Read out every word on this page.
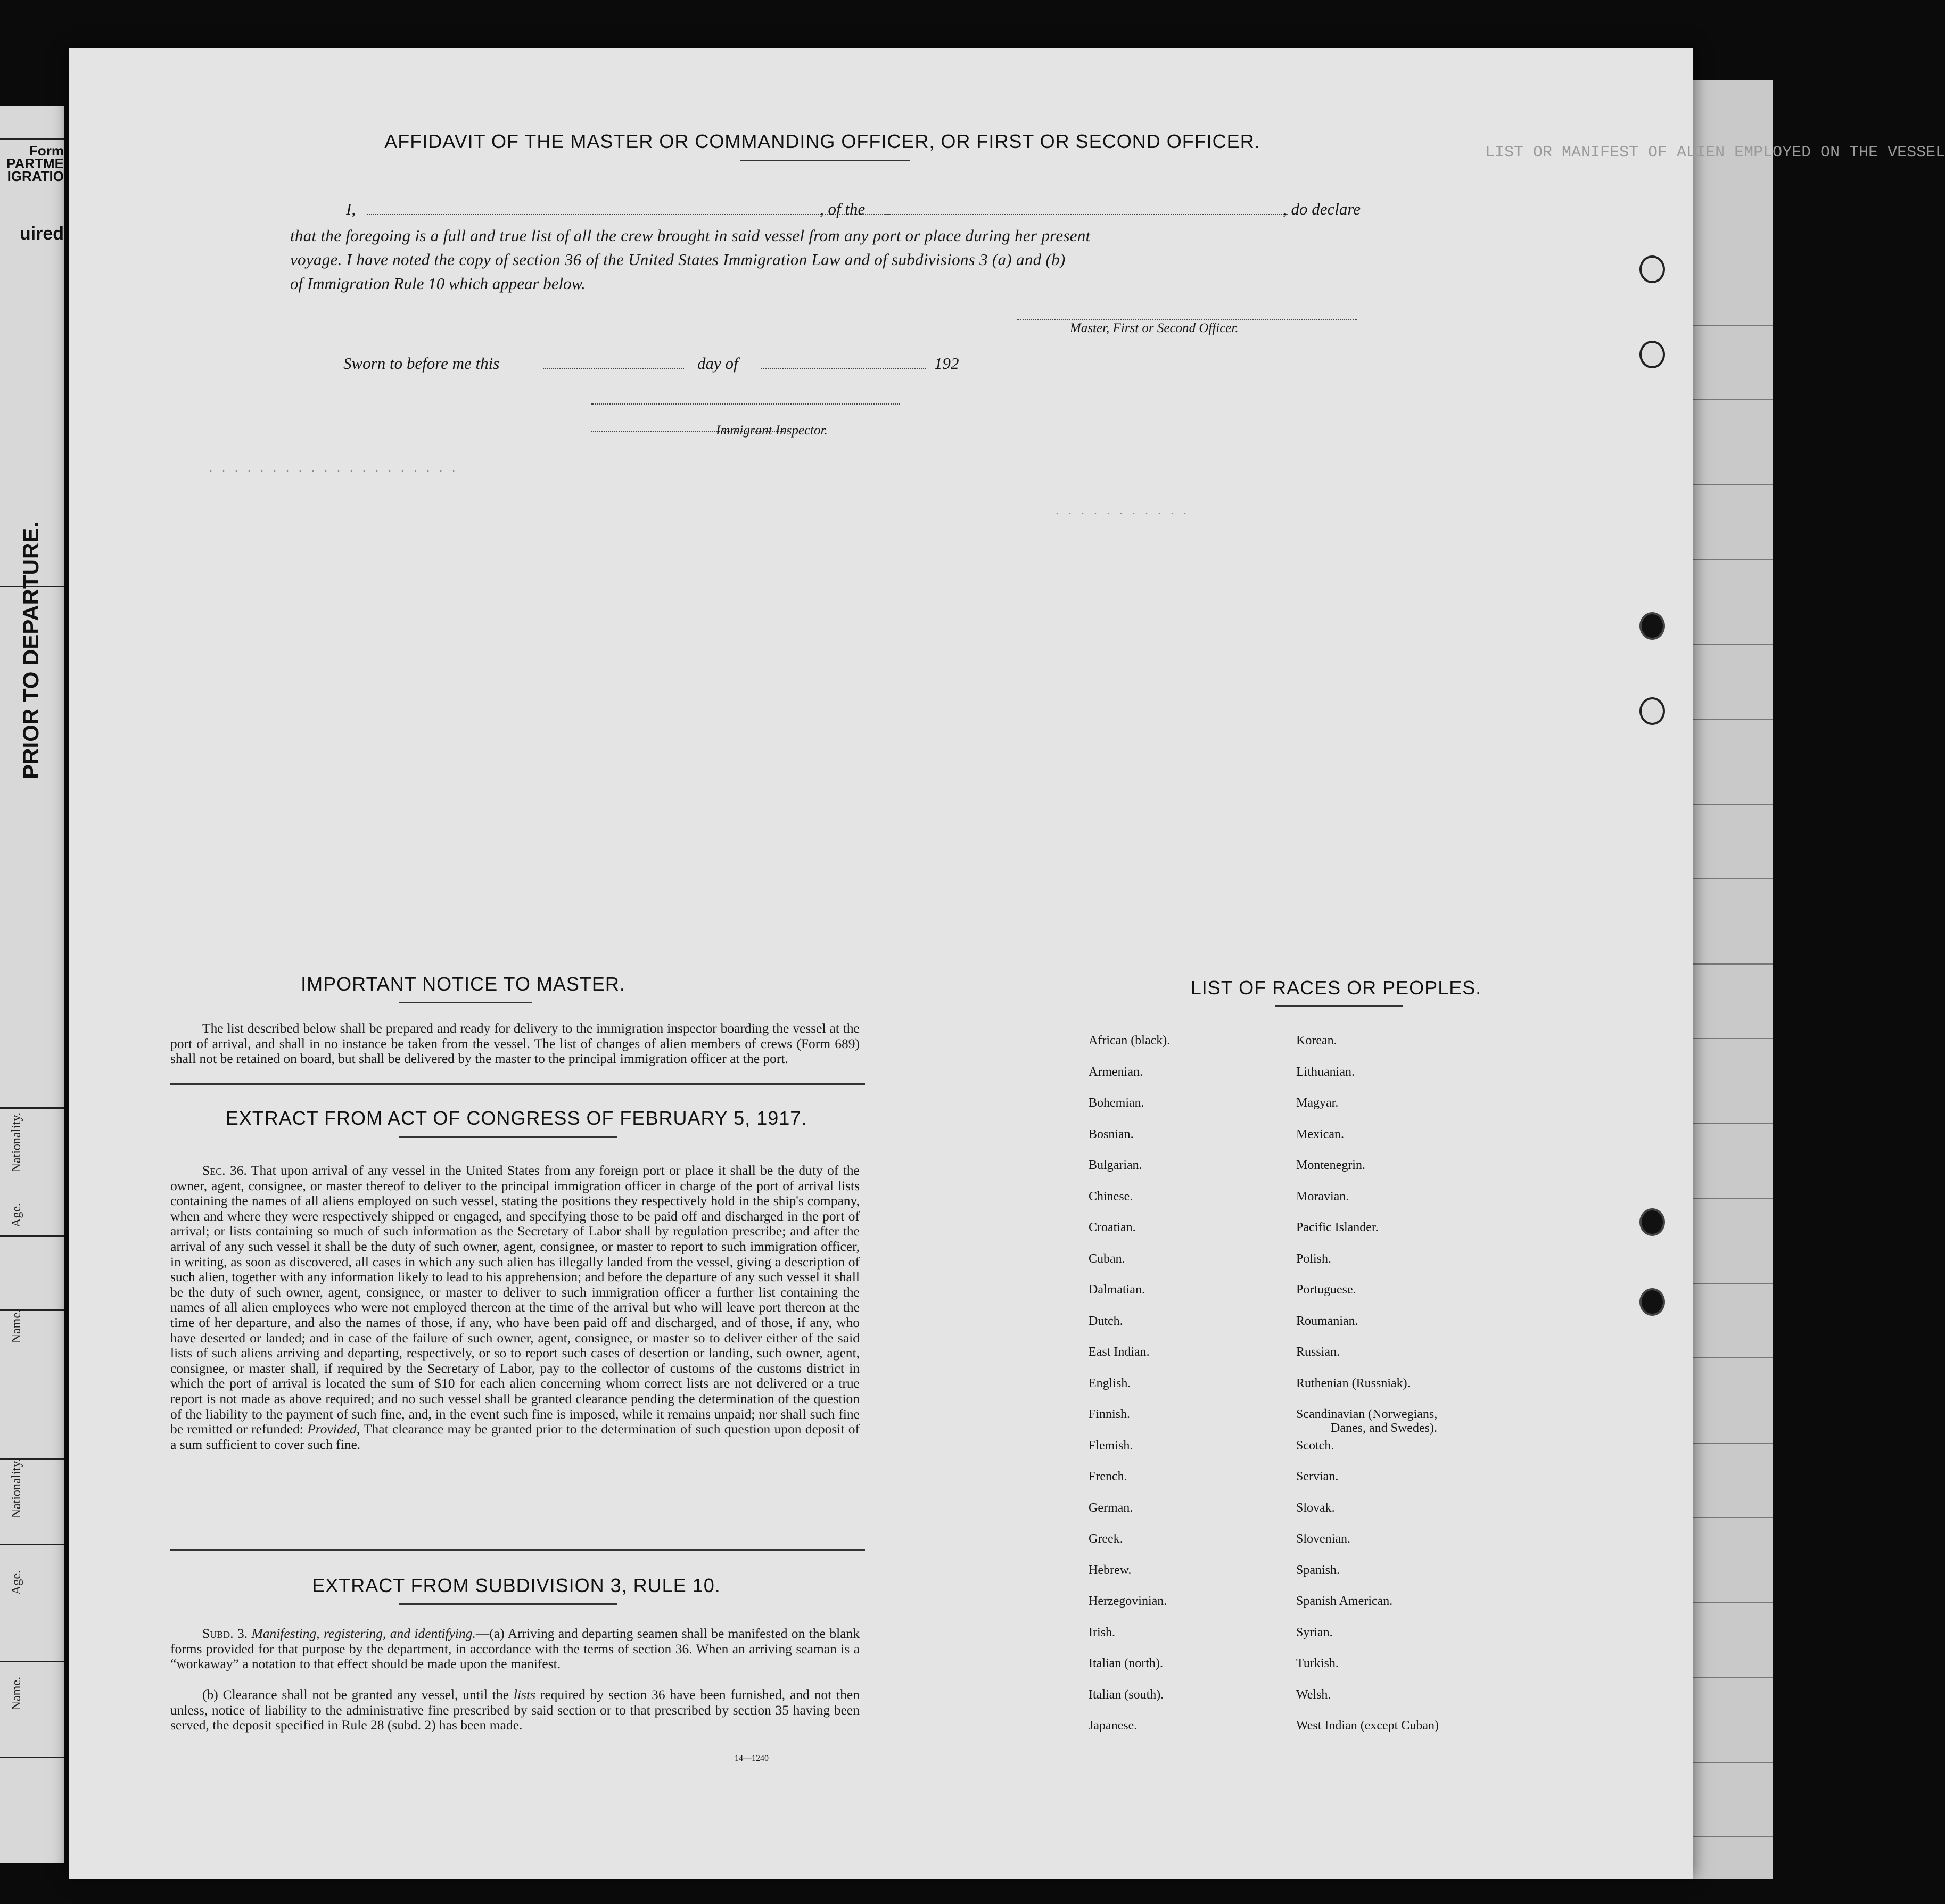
Form
PARTME
IGRATIO
uired
PRIOR TO DEPARTURE.
Nationality.
Age.
Name.
Nationality.
Age.
Name.
LIST OR MANIFEST OF ALIEN EMPLOYED ON THE VESSEL
. . . . . . . . . . . . . . . . . . . .
. . . . . . . . . . .
AFFIDAVIT OF THE MASTER OR COMMANDING OFFICER, OR FIRST OR SECOND OFFICER.
I,	, of the	, do declare
that the foregoing is a full and true list of all the crew brought in said vessel from any port or place during her present
voyage. I have noted the copy of section 36 of the United States Immigration Law and of subdivisions 3 (a) and (b)
of Immigration Rule 10 which appear below.
Master, First or Second Officer.
Sworn to before me this	day of	192
Immigrant Inspector.
IMPORTANT NOTICE TO MASTER.
The list described below shall be prepared and ready for delivery to the immigration inspector boarding the vessel at the port of arrival, and shall in no instance be taken from the vessel. The list of changes of alien members of crews (Form 689) shall not be retained on board, but shall be delivered by the master to the principal immigration officer at the port.
EXTRACT FROM ACT OF CONGRESS OF FEBRUARY 5, 1917.
Sec. 36. That upon arrival of any vessel in the United States from any foreign port or place it shall be the duty of the owner, agent, consignee, or master thereof to deliver to the principal immigration officer in charge of the port of arrival lists containing the names of all aliens employed on such vessel, stating the positions they respectively hold in the ship's company, when and where they were respectively shipped or engaged, and specifying those to be paid off and discharged in the port of arrival; or lists containing so much of such information as the Secretary of Labor shall by regulation prescribe; and after the arrival of any such vessel it shall be the duty of such owner, agent, consignee, or master to report to such immigration officer, in writing, as soon as discovered, all cases in which any such alien has illegally landed from the vessel, giving a description of such alien, together with any information likely to lead to his apprehension; and before the departure of any such vessel it shall be the duty of such owner, agent, consignee, or master to deliver to such immigration officer a further list containing the names of all alien employees who were not employed thereon at the time of the arrival but who will leave port thereon at the time of her departure, and also the names of those, if any, who have been paid off and discharged, and of those, if any, who have deserted or landed; and in case of the failure of such owner, agent, consignee, or master so to deliver either of the said lists of such aliens arriving and departing, respectively, or so to report such cases of desertion or landing, such owner, agent, consignee, or master shall, if required by the Secretary of Labor, pay to the collector of customs of the customs district in which the port of arrival is located the sum of $10 for each alien concerning whom correct lists are not delivered or a true report is not made as above required; and no such vessel shall be granted clearance pending the determination of the question of the liability to the payment of such fine, and, in the event such fine is imposed, while it remains unpaid; nor shall such fine be remitted or refunded: Provided, That clearance may be granted prior to the determination of such question upon deposit of a sum sufficient to cover such fine.
EXTRACT FROM SUBDIVISION 3, RULE 10.
Subd. 3. Manifesting, registering, and identifying.—(a) Arriving and departing seamen shall be manifested on the blank forms provided for that purpose by the department, in accordance with the terms of section 36. When an arriving seaman is a “workaway” a notation to that effect should be made upon the manifest.
(b) Clearance shall not be granted any vessel, until the lists required by section 36 have been furnished, and not then unless, notice of liability to the administrative fine prescribed by said section or to that prescribed by section 35 having been served, the deposit specified in Rule 28 (subd. 2) has been made.
14—1240
LIST OF RACES OR PEOPLES.
African (black).
Armenian.
Bohemian.
Bosnian.
Bulgarian.
Chinese.
Croatian.
Cuban.
Dalmatian.
Dutch.
East Indian.
English.
Finnish.
Flemish.
French.
German.
Greek.
Hebrew.
Herzegovinian.
Irish.
Italian (north).
Italian (south).
Japanese.
Korean.
Lithuanian.
Magyar.
Mexican.
Montenegrin.
Moravian.
Pacific Islander.
Polish.
Portuguese.
Roumanian.
Russian.
Ruthenian (Russniak).
Scandinavian (Norwegians,
Scotch.
Servian.
Slovak.
Slovenian.
Spanish.
Spanish American.
Syrian.
Turkish.
Welsh.
West Indian (except Cuban)
Danes, and Swedes).
